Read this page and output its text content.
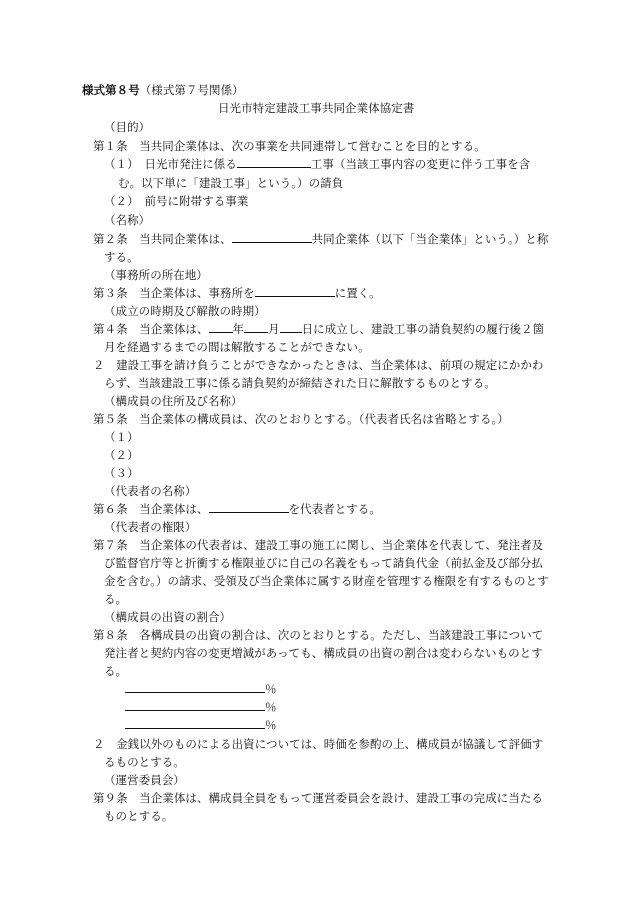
様式第８号（様式第７号関係）
日光市特定建設工事共同企業体協定書
（目的）
第１条　当共同企業体は、次の事業を共同連帯して営むことを目的とする。
（１）　日光市発注に係る	工事（当該工事内容の変更に伴う工事を含
む。以下単に「建設工事」という。）の請負
（２）　前号に附帯する事業
（名称）
第２条　当共同企業体は、	共同企業体（以下「当企業体」という。）と称
する。
（事務所の所在地）
第３条　当企業体は、事務所を	に置く。
（成立の時期及び解散の時期）
第４条　当企業体は、 年 月 日に成立し、建設工事の請負契約の履行後２箇
月を経過するまでの間は解散することができない。
２　建設工事を請け負うことができなかったときは、当企業体は、前項の規定にかかわ
らず、当該建設工事に係る請負契約が締結された日に解散するものとする。
（構成員の住所及び名称）
第５条　当企業体の構成員は、次のとおりとする。（代表者氏名は省略とする。）
（１）
（２）
（３）
（代表者の名称）
第６条　当企業体は、	を代表者とする。
（代表者の権限）
第７条　当企業体の代表者は、建設工事の施工に関し、当企業体を代表して、発注者及
び監督官庁等と折衝する権限並びに自己の名義をもって請負代金（前払金及び部分払
金を含む。）の請求、受領及び当企業体に属する財産を管理する権限を有するものとす
る。
（構成員の出資の割合）
第８条　各構成員の出資の割合は、次のとおりとする。ただし、当該建設工事について
発注者と契約内容の変更増減があっても、構成員の出資の割合は変わらないものとす
る。
％
％
％
２　金銭以外のものによる出資については、時価を参酌の上、構成員が協議して評価す
るものとする。
（運営委員会）
第９条　当企業体は、構成員全員をもって運営委員会を設け、建設工事の完成に当たる
ものとする。
